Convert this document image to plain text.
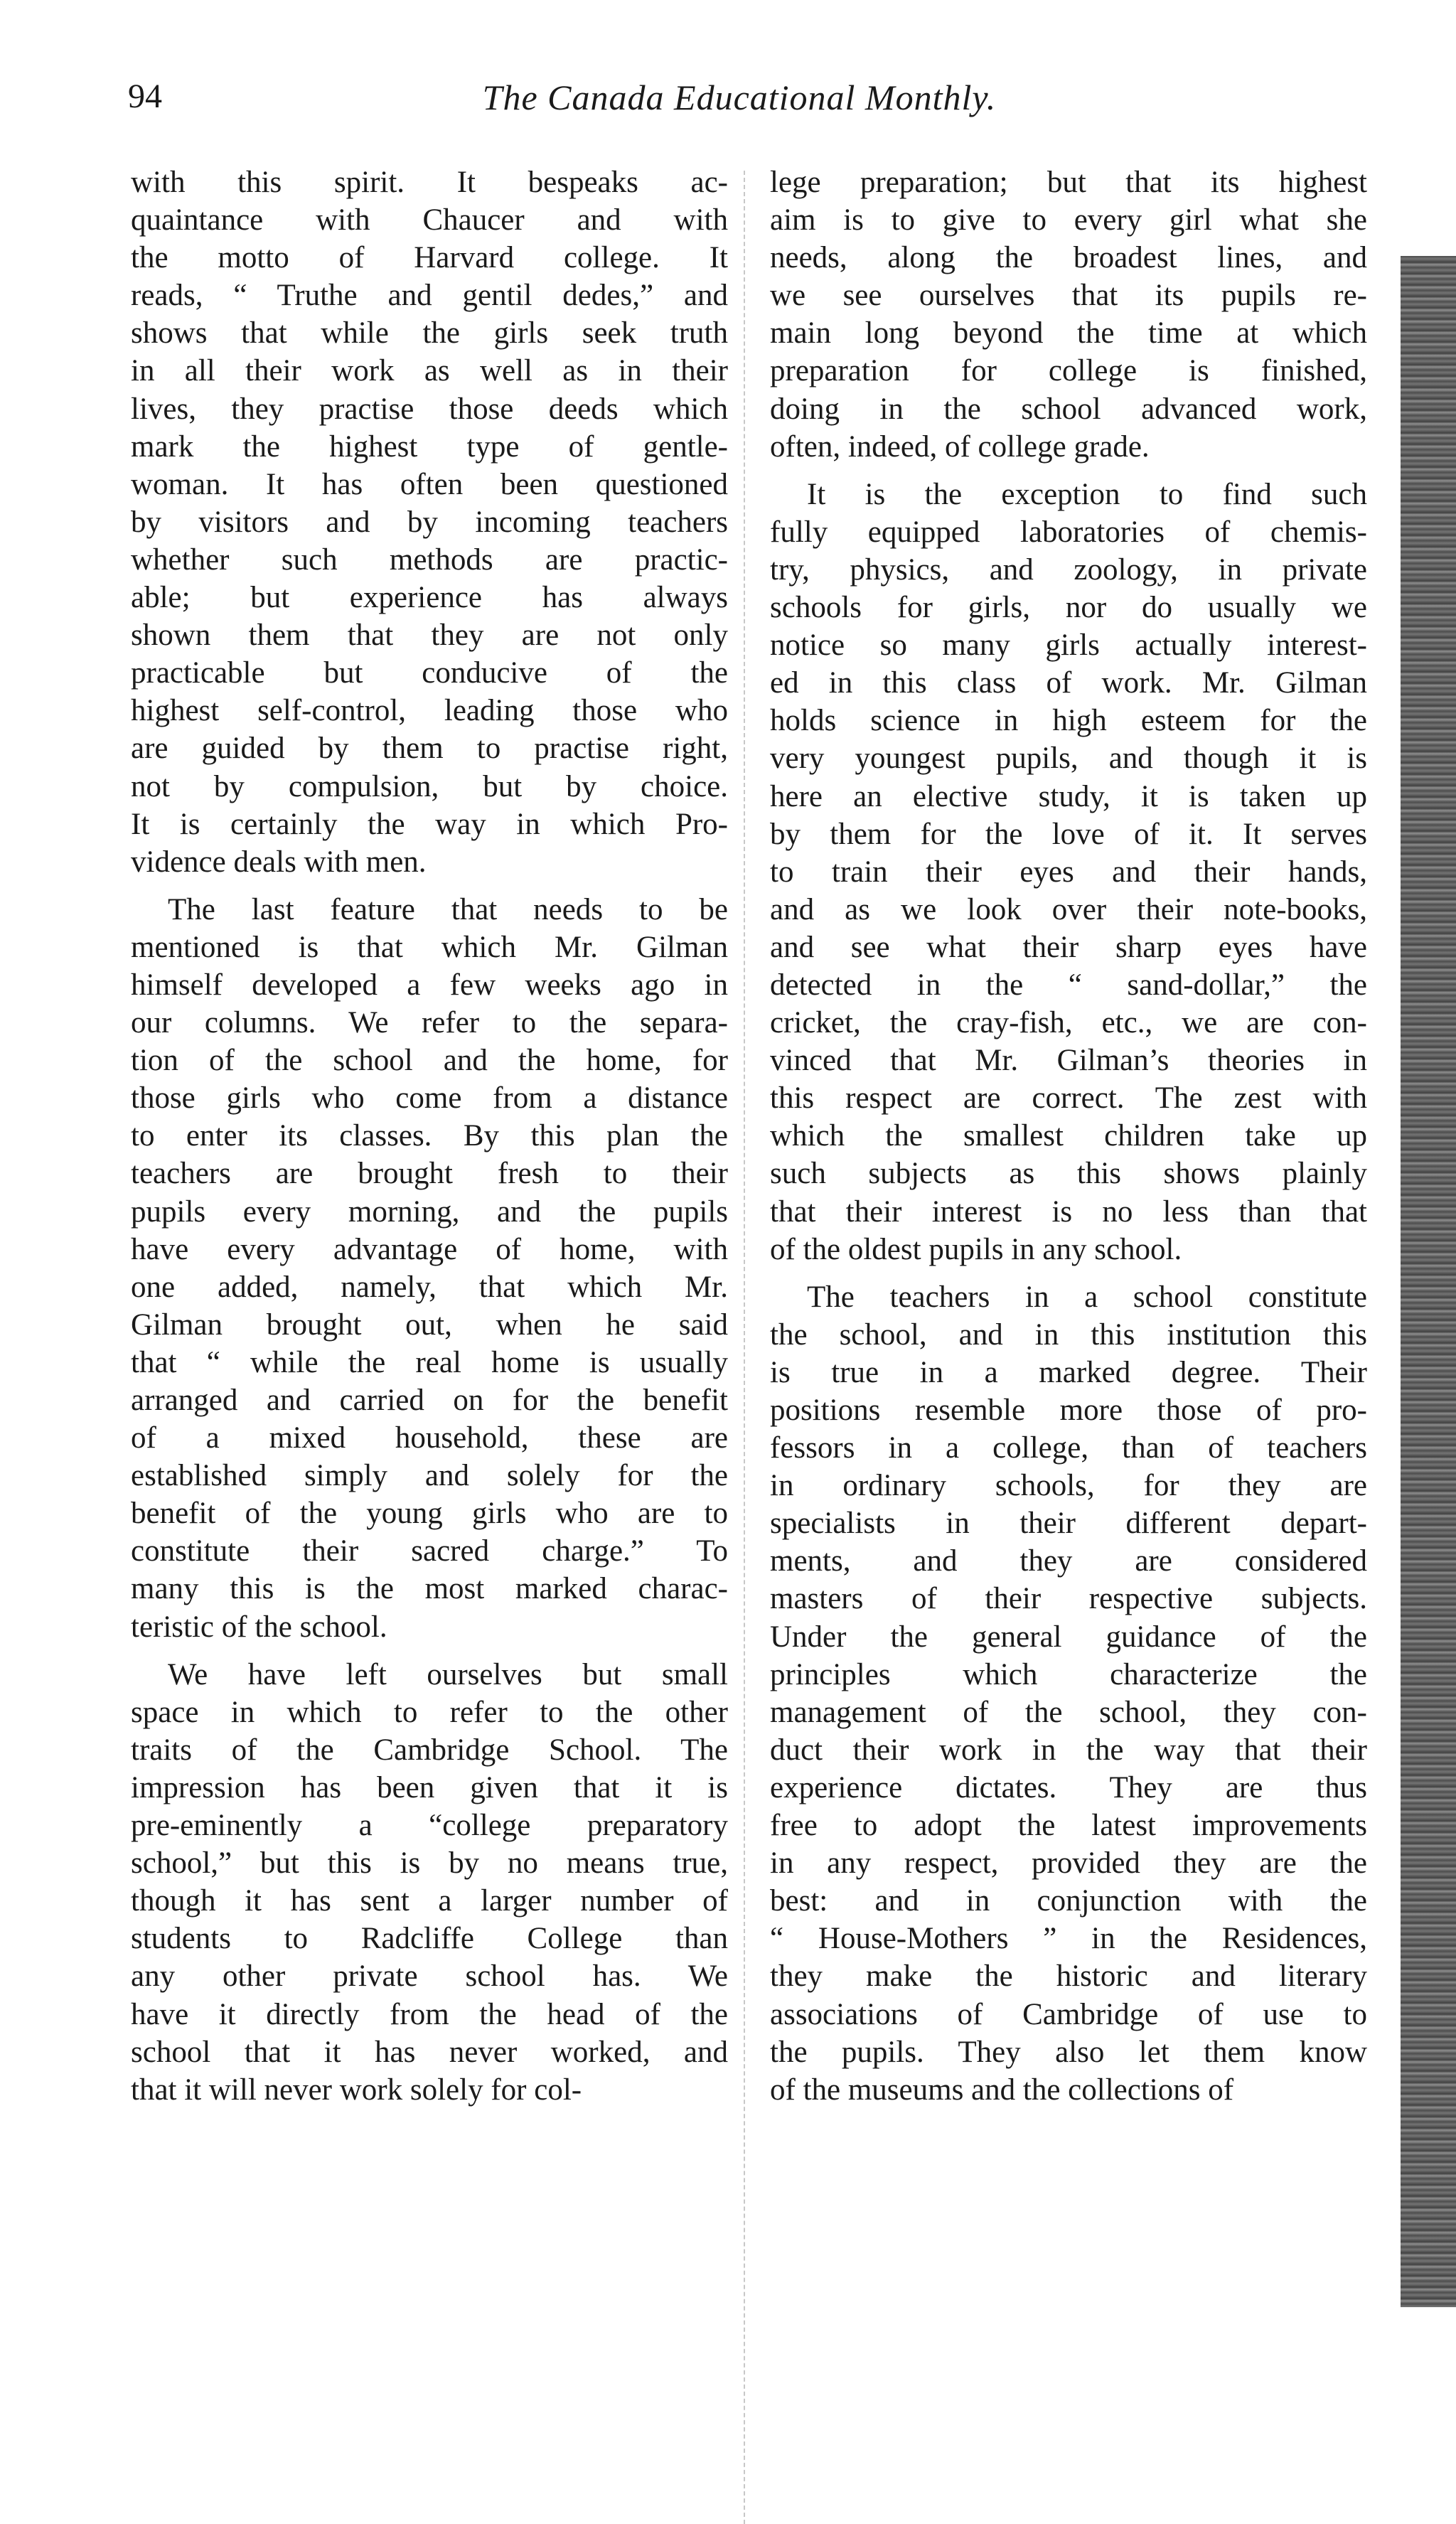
94	The Canada Educational Monthly.

with this spirit. It bespeaks ac-
quaintance with Chaucer and with
the motto of Harvard college. It
reads, “ Truthe and gentil dedes,” and
shows that while the girls seek truth
in all their work as well as in their
lives, they practise those deeds which
mark the highest type of gentle-
woman. It has often been questioned
by visitors and by incoming teachers
whether such methods are practic-
able; but experience has always
shown them that they are not only
practicable but conducive of the
highest self-control, leading those who
are guided by them to practise right,
not by compulsion, but by choice.
It is certainly the way in which Pro-
vidence deals with men.

The last feature that needs to be
mentioned is that which Mr. Gilman
himself developed a few weeks ago in
our columns. We refer to the separa-
tion of the school and the home, for
those girls who come from a distance
to enter its classes. By this plan the
teachers are brought fresh to their
pupils every morning, and the pupils
have every advantage of home, with
one added, namely, that which Mr.
Gilman brought out, when he said
that “ while the real home is usually
arranged and carried on for the benefit
of a mixed household, these are
established simply and solely for the
benefit of the young girls who are to
constitute their sacred charge.” To
many this is the most marked charac-
teristic of the school.

We have left ourselves but small
space in which to refer to the other
traits of the Cambridge School. The
impression has been given that it is
pre-eminently a “college preparatory
school,” but this is by no means true,
though it has sent a larger number of
students to Radcliffe College than
any other private school has. We
have it directly from the head of the
school that it has never worked, and
that it will never work solely for col-

lege preparation; but that its highest
aim is to give to every girl what she
needs, along the broadest lines, and
we see ourselves that its pupils re-
main long beyond the time at which
preparation for college is finished,
doing in the school advanced work,
often, indeed, of college grade.

It is the exception to find such
fully equipped laboratories of chemis-
try, physics, and zoology, in private
schools for girls, nor do usually we
notice so many girls actually interest-
ed in this class of work. Mr. Gilman
holds science in high esteem for the
very youngest pupils, and though it is
here an elective study, it is taken up
by them for the love of it. It serves
to train their eyes and their hands,
and as we look over their note-books,
and see what their sharp eyes have
detected in the “ sand-dollar,” the
cricket, the cray-fish, etc., we are con-
vinced that Mr. Gilman’s theories in
this respect are correct. The zest with
which the smallest children take up
such subjects as this shows plainly
that their interest is no less than that
of the oldest pupils in any school.

The teachers in a school constitute
the school, and in this institution this
is true in a marked degree. Their
positions resemble more those of pro-
fessors in a college, than of teachers
in ordinary schools, for they are
specialists in their different depart-
ments, and they are considered
masters of their respective subjects.
Under the general guidance of the
principles which characterize the
management of the school, they con-
duct their work in the way that their
experience dictates. They are thus
free to adopt the latest improvements
in any respect, provided they are the
best: and in conjunction with the
“ House-Mothers ” in the Residences,
they make the historic and literary
associations of Cambridge of use to
the pupils. They also let them know
of the museums and the collections of
